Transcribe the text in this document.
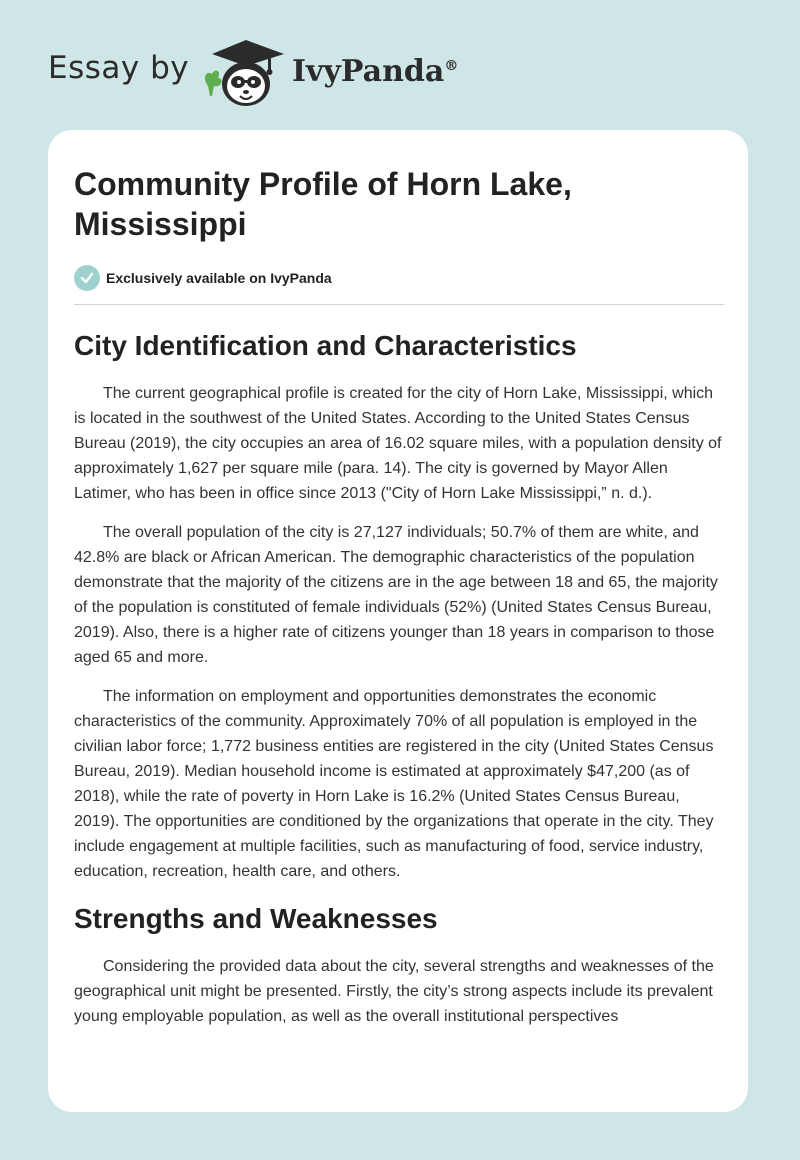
Essay by	IvyPanda®
Community Profile of Horn Lake, Mississippi
Exclusively available on IvyPanda
City Identification and Characteristics

The current geographical profile is created for the city of Horn Lake, Mississippi, which is located in the southwest of the United States. According to the United States Census Bureau (2019), the city occupies an area of 16.02 square miles, with a population density of approximately 1,627 per square mile (para. 14). The city is governed by Mayor Allen Latimer, who has been in office since 2013 ("City of Horn Lake Mississippi,” n. d.).

The overall population of the city is 27,127 individuals; 50.7% of them are white, and 42.8% are black or African American. The demographic characteristics of the population demonstrate that the majority of the citizens are in the age between 18 and 65, the majority of the population is constituted of female individuals (52%) (United States Census Bureau, 2019). Also, there is a higher rate of citizens younger than 18 years in comparison to those aged 65 and more.

The information on employment and opportunities demonstrates the economic characteristics of the community. Approximately 70% of all population is employed in the civilian labor force; 1,772 business entities are registered in the city (United States Census Bureau, 2019). Median household income is estimated at approximately $47,200 (as of 2018), while the rate of poverty in Horn Lake is 16.2% (United States Census Bureau, 2019). The opportunities are conditioned by the organizations that operate in the city. They include engagement at multiple facilities, such as manufacturing of food, service industry, education, recreation, health care, and others.

Strengths and Weaknesses

Considering the provided data about the city, several strengths and weaknesses of the geographical unit might be presented. Firstly, the city’s strong aspects include its prevalent young employable population, as well as the overall institutional perspectives
